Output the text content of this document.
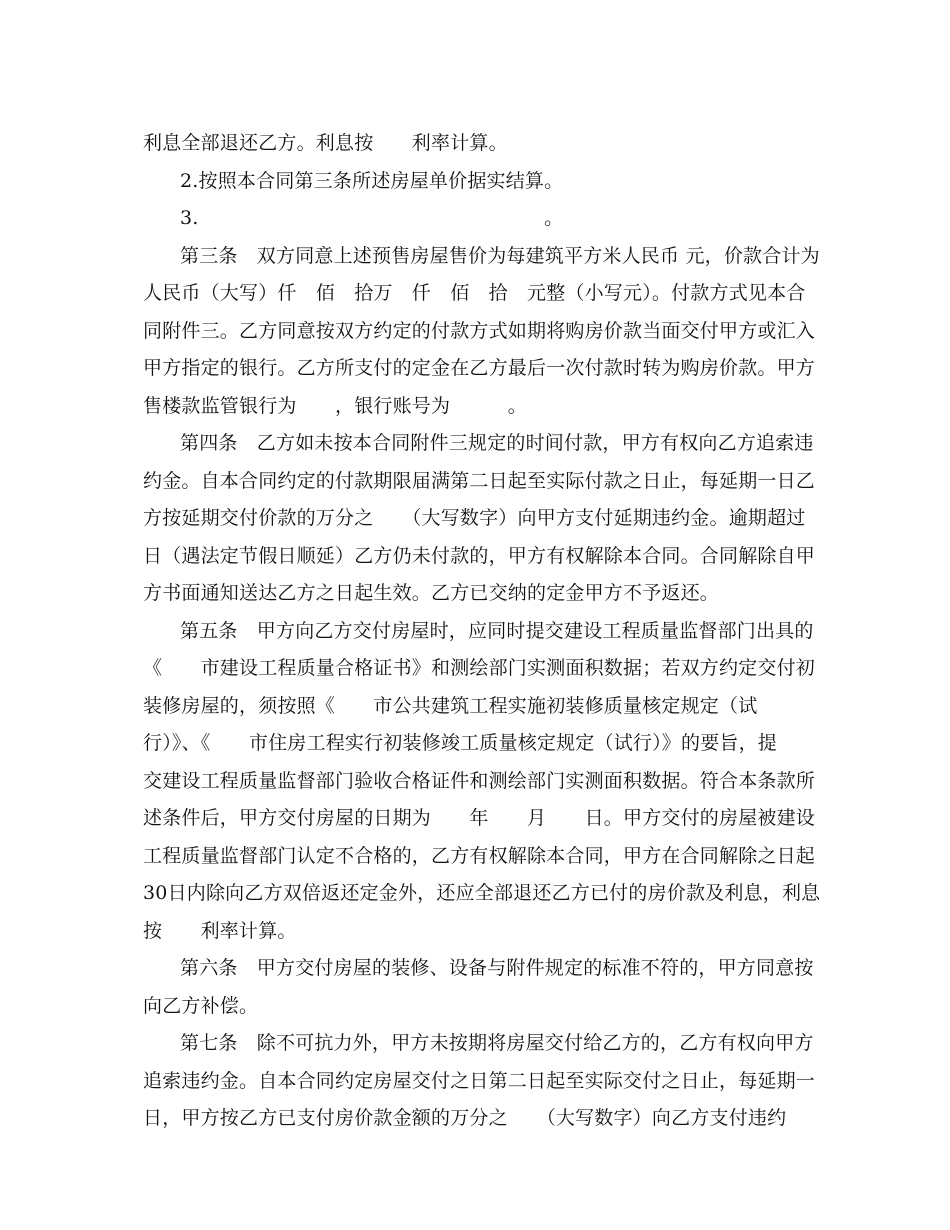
利息全部退还乙方。利息按　　利率计算。
2.按照本合同第三条所述房屋单价据实结算。
3.　　　　　　　　　　　　　　　　　　。
第三条　双方同意上述预售房屋售价为每建筑平方米人民币 元，价款合计为
人民币（大写）仟　佰　拾万　仟　佰　拾　元整（小写元）。付款方式见本合
同附件三。乙方同意按双方约定的付款方式如期将购房价款当面交付甲方或汇入
甲方指定的银行。乙方所支付的定金在乙方最后一次付款时转为购房价款。甲方
售楼款监管银行为　　，银行账号为　　　。
第四条　乙方如未按本合同附件三规定的时间付款，甲方有权向乙方追索违
约金。自本合同约定的付款期限届满第二日起至实际付款之日止，每延期一日乙
方按延期交付价款的万分之　　（大写数字）向甲方支付延期违约金。逾期超过
日（遇法定节假日顺延）乙方仍未付款的，甲方有权解除本合同。合同解除自甲
方书面通知送达乙方之日起生效。乙方已交纳的定金甲方不予返还。
第五条　甲方向乙方交付房屋时，应同时提交建设工程质量监督部门出具的
《　　市建设工程质量合格证书》和测绘部门实测面积数据；若双方约定交付初
装修房屋的，须按照《　　市公共建筑工程实施初装修质量核定规定（试
行）》、《　　市住房工程实行初装修竣工质量核定规定（试行）》的要旨，提
交建设工程质量监督部门验收合格证件和测绘部门实测面积数据。符合本条款所
述条件后，甲方交付房屋的日期为　　年　　月　　日。甲方交付的房屋被建设
工程质量监督部门认定不合格的，乙方有权解除本合同，甲方在合同解除之日起
30日内除向乙方双倍返还定金外，还应全部退还乙方已付的房价款及利息，利息
按　　利率计算。
第六条　甲方交付房屋的装修、设备与附件规定的标准不符的，甲方同意按
向乙方补偿。
第七条　除不可抗力外，甲方未按期将房屋交付给乙方的，乙方有权向甲方
追索违约金。自本合同约定房屋交付之日第二日起至实际交付之日止，每延期一
日，甲方按乙方已支付房价款金额的万分之　　（大写数字）向乙方支付违约
